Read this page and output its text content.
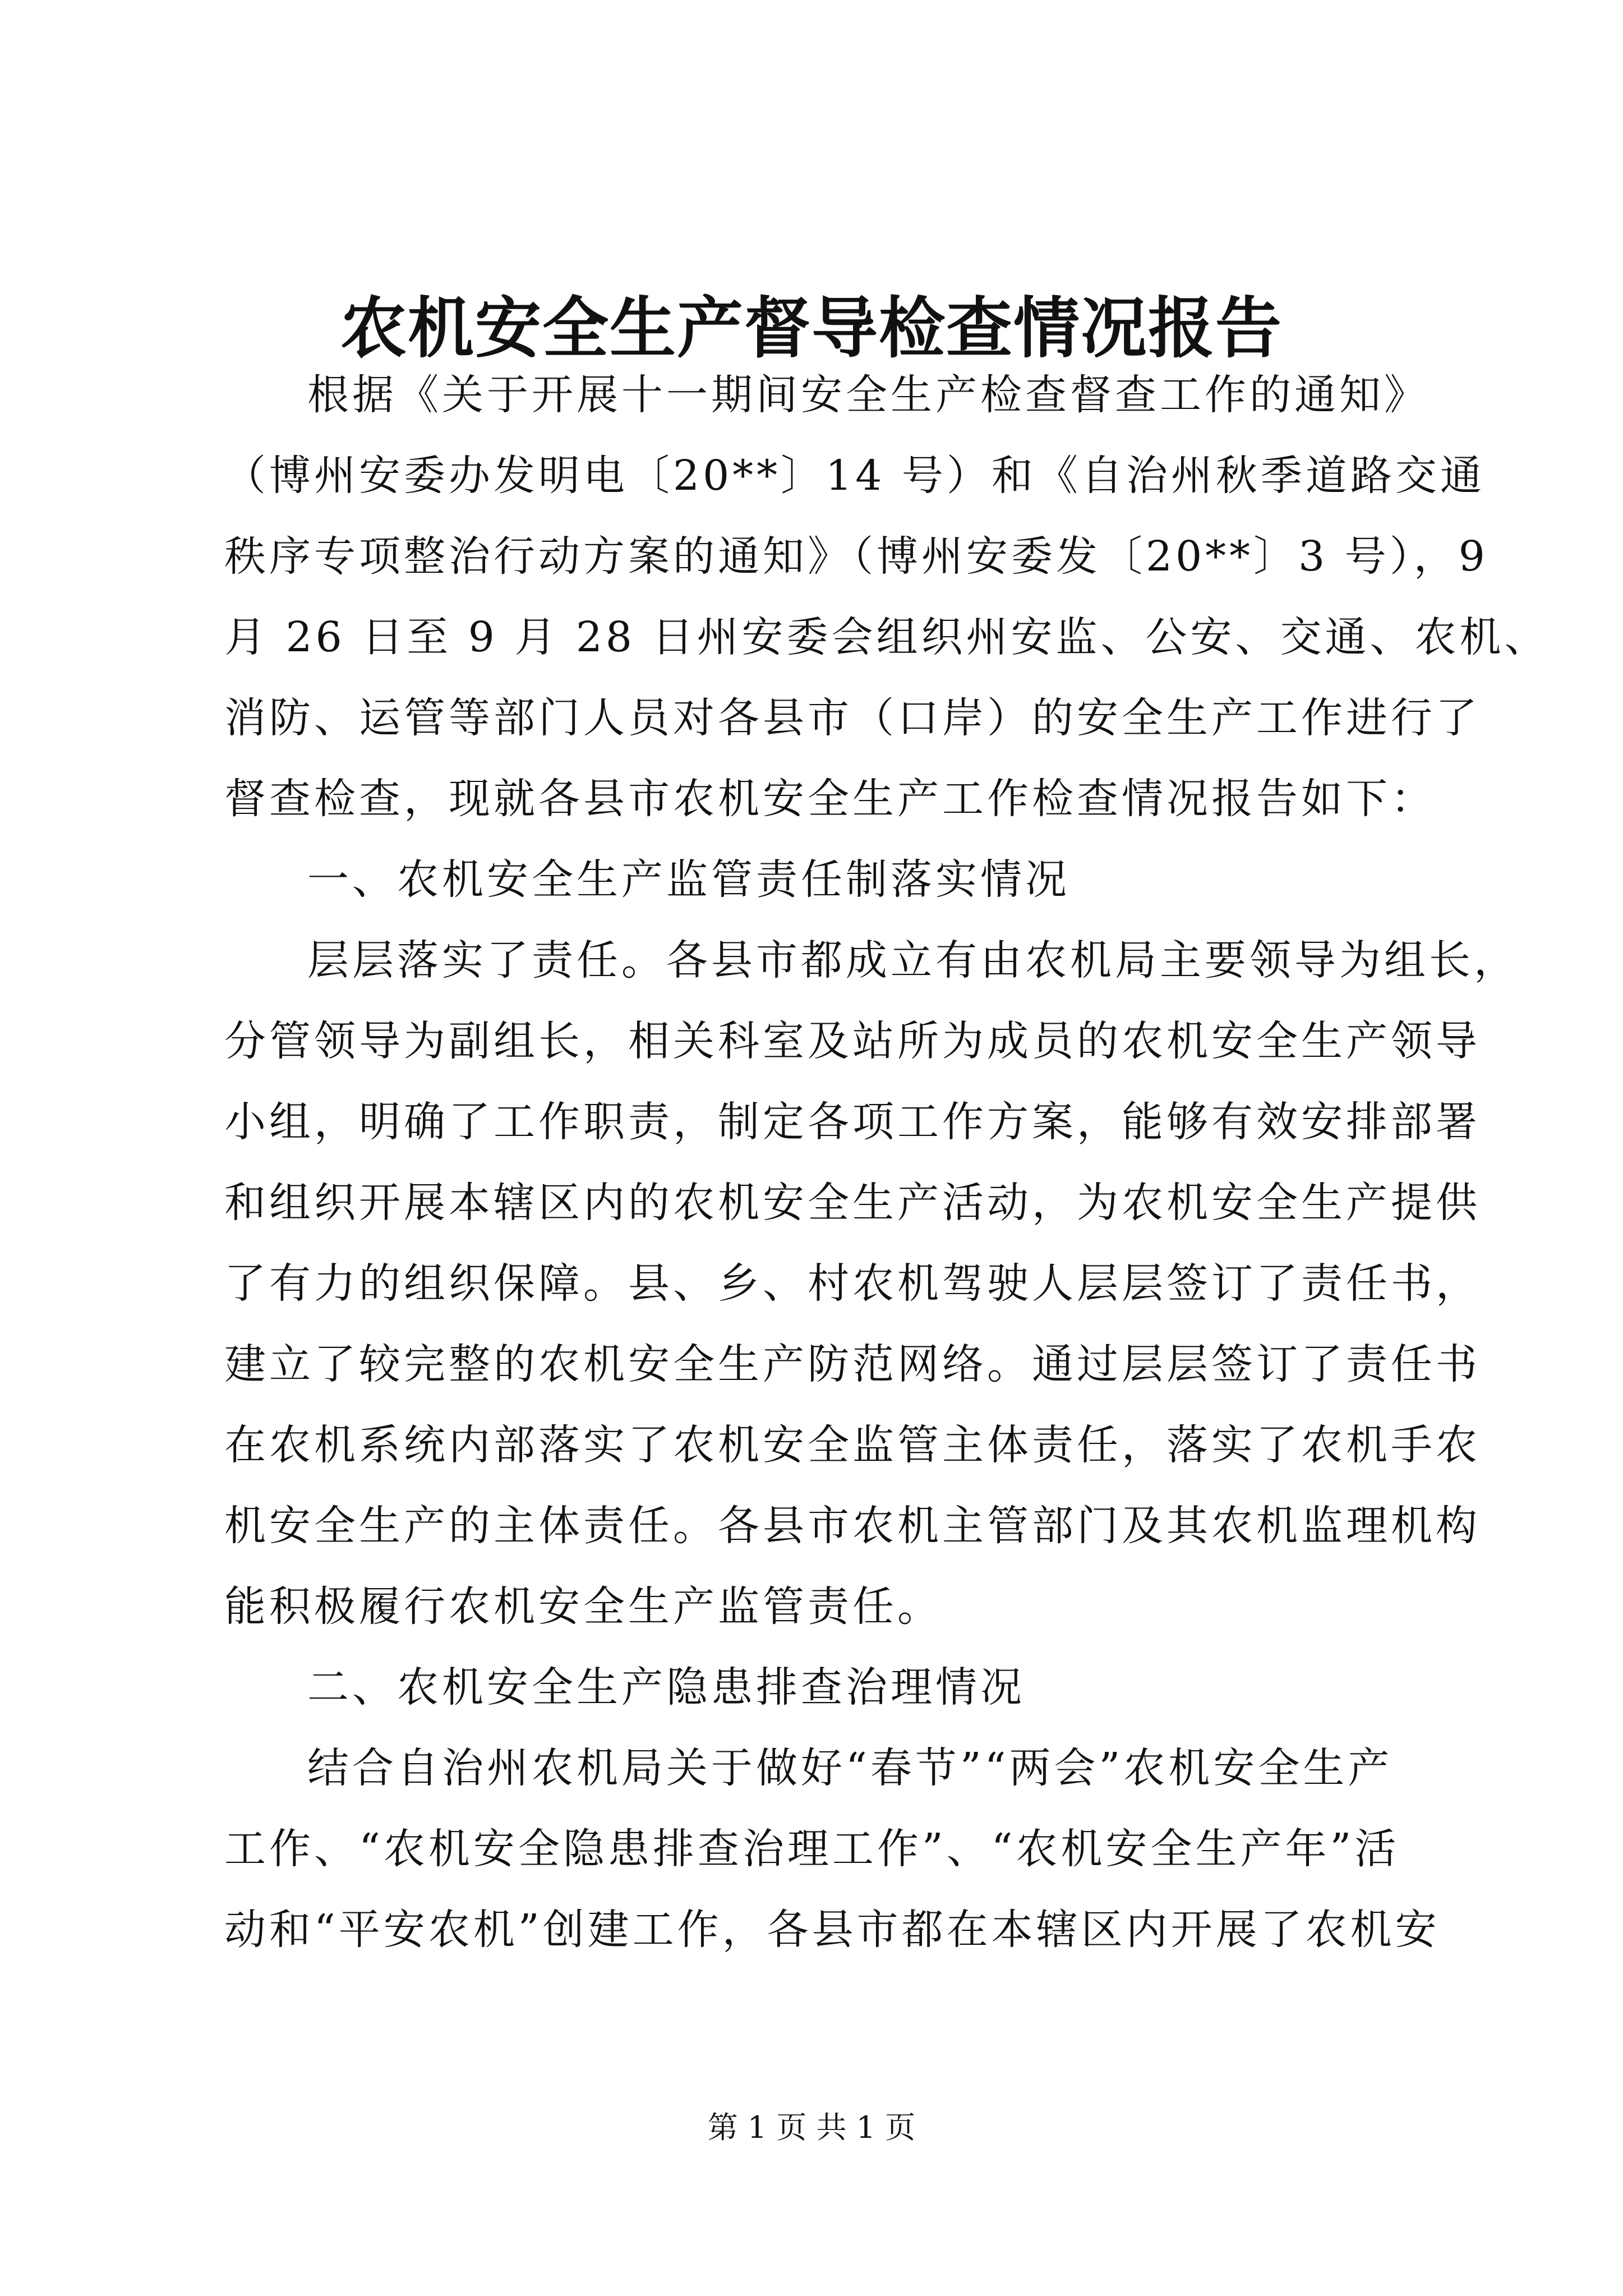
农机安全生产督导检查情况报告
根据《关于开展十一期间安全生产检查督查工作的通知》
（博州安委办发明电〔20**〕14 号）和《自治州秋季道路交通
秩序专项整治行动方案的通知》（博州安委发〔20**〕3 号），9
月 26 日至 9 月 28 日州安委会组织州安监、公安、交通、农机、
消防、运管等部门人员对各县市（口岸）的安全生产工作进行了
督查检查，现就各县市农机安全生产工作检查情况报告如下：
一、农机安全生产监管责任制落实情况
层层落实了责任。各县市都成立有由农机局主要领导为组长，
分管领导为副组长，相关科室及站所为成员的农机安全生产领导
小组，明确了工作职责，制定各项工作方案，能够有效安排部署
和组织开展本辖区内的农机安全生产活动，为农机安全生产提供
了有力的组织保障。县、乡、村农机驾驶人层层签订了责任书，
建立了较完整的农机安全生产防范网络。通过层层签订了责任书
在农机系统内部落实了农机安全监管主体责任，落实了农机手农
机安全生产的主体责任。各县市农机主管部门及其农机监理机构
能积极履行农机安全生产监管责任。
二、农机安全生产隐患排查治理情况
结合自治州农机局关于做好“春节”“两会”农机安全生产
工作、“农机安全隐患排查治理工作”、“农机安全生产年”活
动和“平安农机”创建工作，各县市都在本辖区内开展了农机安
第 1 页 共 1 页
